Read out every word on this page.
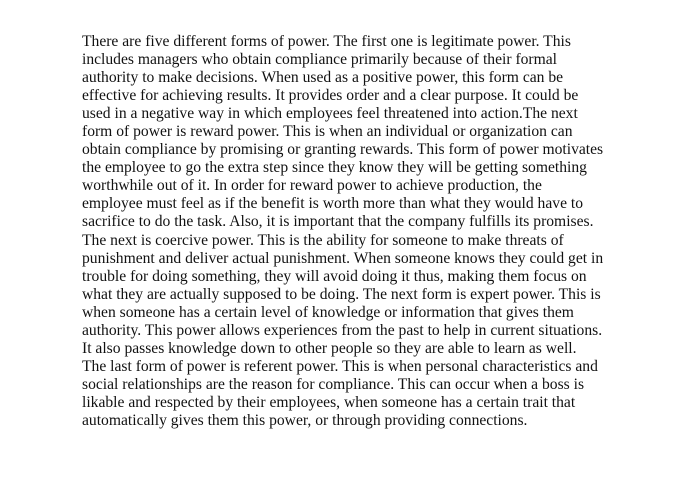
There are five different forms of power. The first one is legitimate power. This
includes managers who obtain compliance primarily because of their formal
authority to make decisions. When used as a positive power, this form can be
effective for achieving results. It provides order and a clear purpose. It could be
used in a negative way in which employees feel threatened into action.The next
form of power is reward power. This is when an individual or organization can
obtain compliance by promising or granting rewards. This form of power motivates
the employee to go the extra step since they know they will be getting something
worthwhile out of it. In order for reward power to achieve production, the
employee must feel as if the benefit is worth more than what they would have to
sacrifice to do the task. Also, it is important that the company fulfills its promises.
The next is coercive power. This is the ability for someone to make threats of
punishment and deliver actual punishment. When someone knows they could get in
trouble for doing something, they will avoid doing it thus, making them focus on
what they are actually supposed to be doing. The next form is expert power. This is
when someone has a certain level of knowledge or information that gives them
authority. This power allows experiences from the past to help in current situations.
It also passes knowledge down to other people so they are able to learn as well.
The last form of power is referent power. This is when personal characteristics and
social relationships are the reason for compliance. This can occur when a boss is
likable and respected by their employees, when someone has a certain trait that
automatically gives them this power, or through providing connections.
